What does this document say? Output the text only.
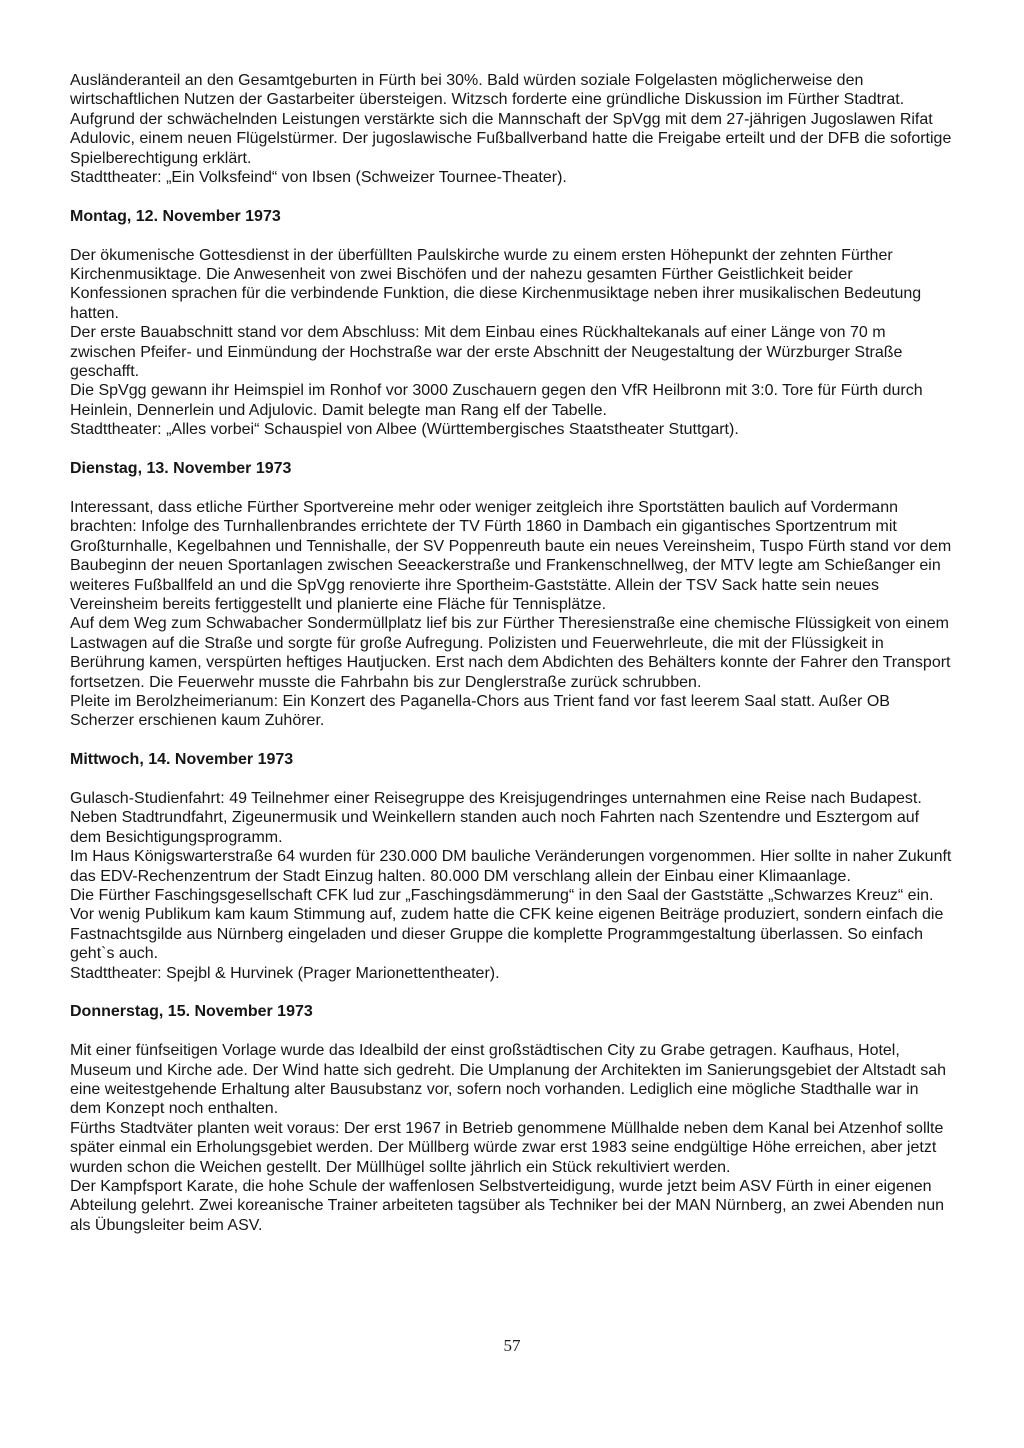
Ausländeranteil an den Gesamtgeburten in Fürth bei 30%. Bald würden soziale Folgelasten möglicherweise den wirtschaftlichen Nutzen der Gastarbeiter übersteigen. Witzsch forderte eine gründliche Diskussion im Fürther Stadtrat.

Aufgrund der schwächelnden Leistungen verstärkte sich die Mannschaft der SpVgg mit dem 27-jährigen Jugoslawen Rifat Adulovic, einem neuen Flügelstürmer. Der jugoslawische Fußballverband hatte die Freigabe erteilt und der DFB die sofortige Spielberechtigung erklärt.

Stadttheater: „Ein Volksfeind“ von Ibsen (Schweizer Tournee-Theater).

Montag, 12. November 1973

Der ökumenische Gottesdienst in der überfüllten Paulskirche wurde zu einem ersten Höhepunkt der zehnten Fürther Kirchenmusiktage. Die Anwesenheit von zwei Bischöfen und der nahezu gesamten Fürther Geistlichkeit beider Konfessionen sprachen für die verbindende Funktion, die diese Kirchenmusiktage neben ihrer musikalischen Bedeutung hatten.

Der erste Bauabschnitt stand vor dem Abschluss: Mit dem Einbau eines Rückhaltekanals auf einer Länge von 70 m zwischen Pfeifer- und Einmündung der Hochstraße war der erste Abschnitt der Neugestaltung der Würzburger Straße geschafft.

Die SpVgg gewann ihr Heimspiel im Ronhof vor 3000 Zuschauern gegen den VfR Heilbronn mit 3:0. Tore für Fürth durch Heinlein, Dennerlein und Adjulovic. Damit belegte man Rang elf der Tabelle.

Stadttheater: „Alles vorbei“ Schauspiel von Albee (Württembergisches Staatstheater Stuttgart).

Dienstag, 13. November 1973

Interessant, dass etliche Fürther Sportvereine mehr oder weniger zeitgleich ihre Sportstätten baulich auf Vordermann brachten: Infolge des Turnhallenbrandes errichtete der TV Fürth 1860 in Dambach ein gigantisches Sportzentrum mit Großturnhalle, Kegelbahnen und Tennishalle, der SV Poppenreuth baute ein neues Vereinsheim, Tuspo Fürth stand vor dem Baubeginn der neuen Sportanlagen zwischen Seeackerstraße und Frankenschnellweg, der MTV legte am Schießanger ein weiteres Fußballfeld an und die SpVgg renovierte ihre Sportheim-Gaststätte. Allein der TSV Sack hatte sein neues Vereinsheim bereits fertiggestellt und planierte eine Fläche für Tennisplätze.

Auf dem Weg zum Schwabacher Sondermüllplatz lief bis zur Fürther Theresienstraße eine chemische Flüssigkeit von einem Lastwagen auf die Straße und sorgte für große Aufregung. Polizisten und Feuerwehrleute, die mit der Flüssigkeit in Berührung kamen, verspürten heftiges Hautjucken. Erst nach dem Abdichten des Behälters konnte der Fahrer den Transport fortsetzen. Die Feuerwehr musste die Fahrbahn bis zur Denglerstraße zurück schrubben.

Pleite im Berolzheimerianum: Ein Konzert des Paganella-Chors aus Trient fand vor fast leerem Saal statt. Außer OB Scherzer erschienen kaum Zuhörer.

Mittwoch, 14. November 1973

Gulasch-Studienfahrt: 49 Teilnehmer einer Reisegruppe des Kreisjugendringes unternahmen eine Reise nach Budapest. Neben Stadtrundfahrt, Zigeunermusik und Weinkellern standen auch noch Fahrten nach Szentendre und Esztergom auf dem Besichtigungsprogramm.

Im Haus Königswarterstraße 64 wurden für 230.000 DM bauliche Veränderungen vorgenommen. Hier sollte in naher Zukunft das EDV-Rechenzentrum der Stadt Einzug halten. 80.000 DM verschlang allein der Einbau einer Klimaanlage.

Die Fürther Faschingsgesellschaft CFK lud zur „Faschingsdämmerung“ in den Saal der Gaststätte „Schwarzes Kreuz“ ein. Vor wenig Publikum kam kaum Stimmung auf, zudem hatte die CFK keine eigenen Beiträge produziert, sondern einfach die Fastnachtsgilde aus Nürnberg eingeladen und dieser Gruppe die komplette Programmgestaltung überlassen. So einfach geht`s auch.

Stadttheater: Spejbl & Hurvinek (Prager Marionettentheater).

Donnerstag, 15. November 1973

Mit einer fünfseitigen Vorlage wurde das Idealbild der einst großstädtischen City zu Grabe getragen. Kaufhaus, Hotel, Museum und Kirche ade. Der Wind hatte sich gedreht. Die Umplanung der Architekten im Sanierungsgebiet der Altstadt sah eine weitestgehende Erhaltung alter Bausubstanz vor, sofern noch vorhanden. Lediglich eine mögliche Stadthalle war in dem Konzept noch enthalten.

Fürths Stadtväter planten weit voraus: Der erst 1967 in Betrieb genommene Müllhalde neben dem Kanal bei Atzenhof sollte später einmal ein Erholungsgebiet werden. Der Müllberg würde zwar erst 1983 seine endgültige Höhe erreichen, aber jetzt wurden schon die Weichen gestellt. Der Müllhügel sollte jährlich ein Stück rekultiviert werden.

Der Kampfsport Karate, die hohe Schule der waffenlosen Selbstverteidigung, wurde jetzt beim ASV Fürth in einer eigenen Abteilung gelehrt. Zwei koreanische Trainer arbeiteten tagsüber als Techniker bei der MAN Nürnberg, an zwei Abenden nun als Übungsleiter beim ASV.

57
